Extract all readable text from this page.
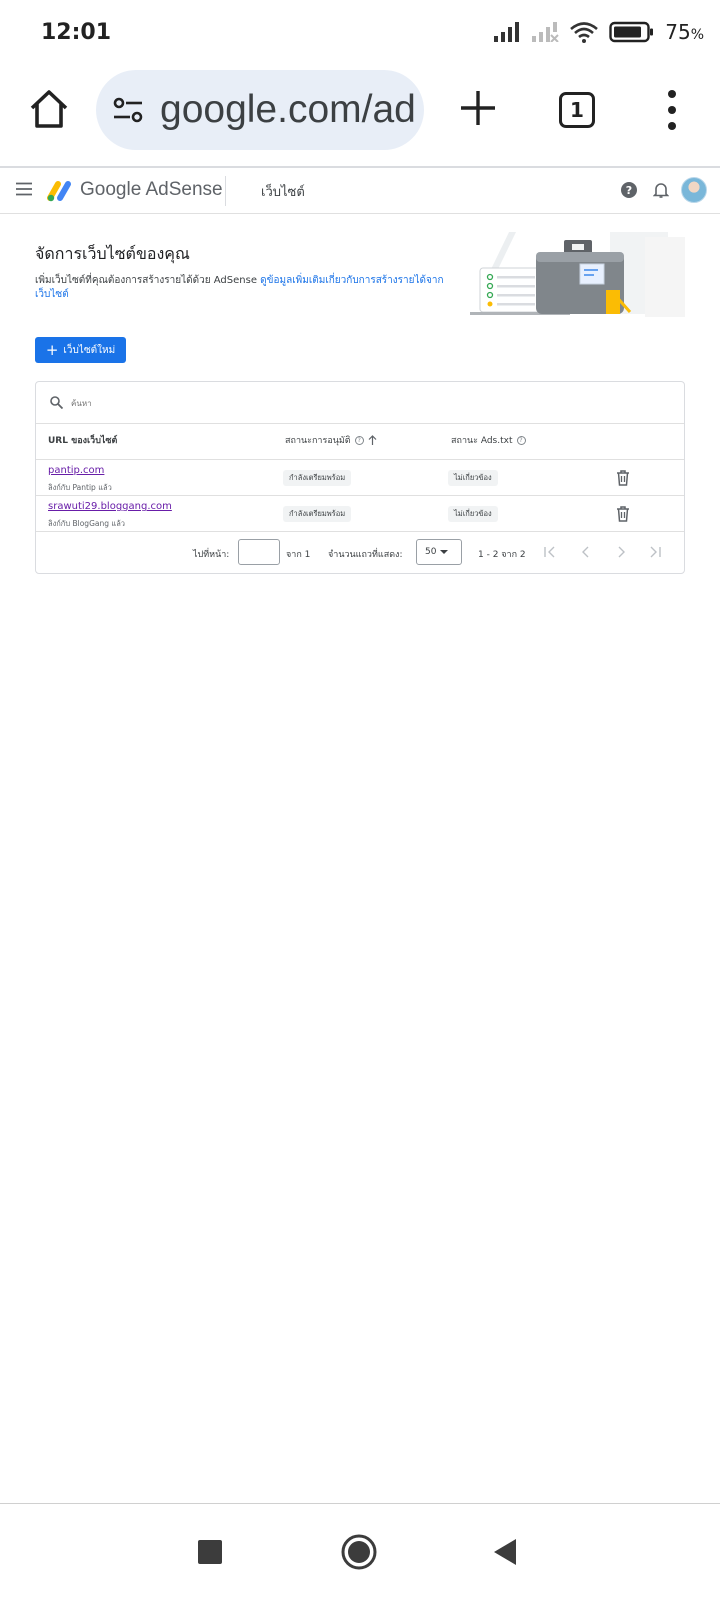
12:01	75%
google.com/ad	1
Google AdSense	เว็บไซต์	?
จัดการเว็บไซต์ของคุณ
เพิ่มเว็บไซต์ที่คุณต้องการสร้างรายได้ด้วย AdSense ดูข้อมูลเพิ่มเติมเกี่ยวกับการสร้างรายได้จากเว็บไซต์
+ เว็บไซต์ใหม่
ค้นหา
URL ของเว็บไซต์	สถานะการอนุมัติ	?	สถานะ Ads.txt	?
pantip.com
ลิงก์กับ Pantip แล้ว
กำลังเตรียมพร้อม	ไม่เกี่ยวข้อง
srawuti29.bloggang.com
ลิงก์กับ BlogGang แล้ว
กำลังเตรียมพร้อม	ไม่เกี่ยวข้อง
ไปที่หน้า:	จาก 1 จำนวนแถวที่แสดง:	50	1 - 2 จาก 2
